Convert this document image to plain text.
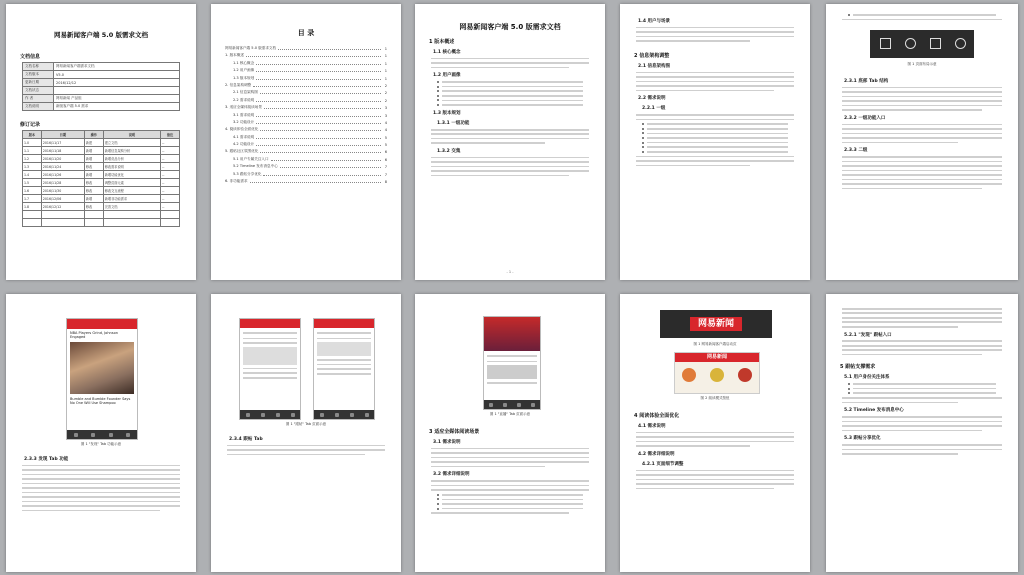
网易新闻客户端 5.0 版需求文档
文档信息
文档名称	网易新闻客户端需求文档
文档版本	V5.0
更新日期	2016/12/12
文档状态	
作 者	网易新闻 产品组
文档说明	新版客户端 5.0 需求
修订记录
版本	日期	操作	说明	备注
1.0	2016/11/17	新建	建立文档	--
1.1	2016/11/18	新增	新增信息架构分析	--
1.2	2016/11/20	新增	新增竞品分析	--
1.3	2016/11/24	修改	修改需求说明	--
1.4	2016/11/26	新增	新增功能优化	--
1.5	2016/11/28	修改	调整页面元素	--
1.6	2016/11/30	修改	修改交互流程	--
1.7	2016/12/06	新增	新增非功能需求	--
1.8	2016/12/12	修改	完善文档	--

目 录
网易新闻客户端 5.0 版需求文档	1
1. 版本概述	1
1.1 核心概念	1
1.2 用户画像	1
1.3 版本规划	1
2. 信息架构调整	2
2.1 信息架构图	2
2.2 需求说明	2
3. 适应全媒体阅读场景	3
3.1 需求说明	3
3.2 功能设计	4
4. 阅读体验全面优化	4
4.1 需求说明	5
4.2 功能设计	5
5. 跟帖社区氛围优化	6
5.1 用户专属关注入口	6
5.2 Timeline 发布消息中心	7
5.3 跟帖分享优化	7
6. 非功能需求	8
网易新闻客户端 5.0 版需求文档
1 版本概述
1.1 核心概念
1.2 用户画像
1.3 版本规划
1.3.1 一级功能
1.3.2 交集
- 1 -
1.4 用户与场景
2 信息架构调整
2.1 信息架构图
2.2 需求说明
2.2.1 一级
图 1 页面布局示意
2.3.1 底部 Tab 结构
2.3.2 一级功能入口
2.3.3 二级
NBA Players Grind, Johnson Engaged
Bumble and Bumble Founder Says No One Will Use Shampoo
图 1 "发现" Tab 功能示意
2.3.3 发现 Tab 功能
图 1 "跟帖" Tab 页面示意
2.3.4 跟帖 Tab
图 1 "直播" Tab 页面示意
3 适应全媒体阅读场景
3.1 需求说明
3.2 需求详细说明
网易新闻
图 1 网易新闻客户端启动页
网易新闻
图 2 阅读模式按钮
4 阅读体验全面优化
4.1 需求说明
4.2 需求详细说明
4.2.1 页面细节调整
5.2.1 "发现" 跟帖入口
5 跟帖支撑需求
5.1 用户身份关注体系
5.2 Timeline 发布消息中心
5.3 跟帖分享优化
